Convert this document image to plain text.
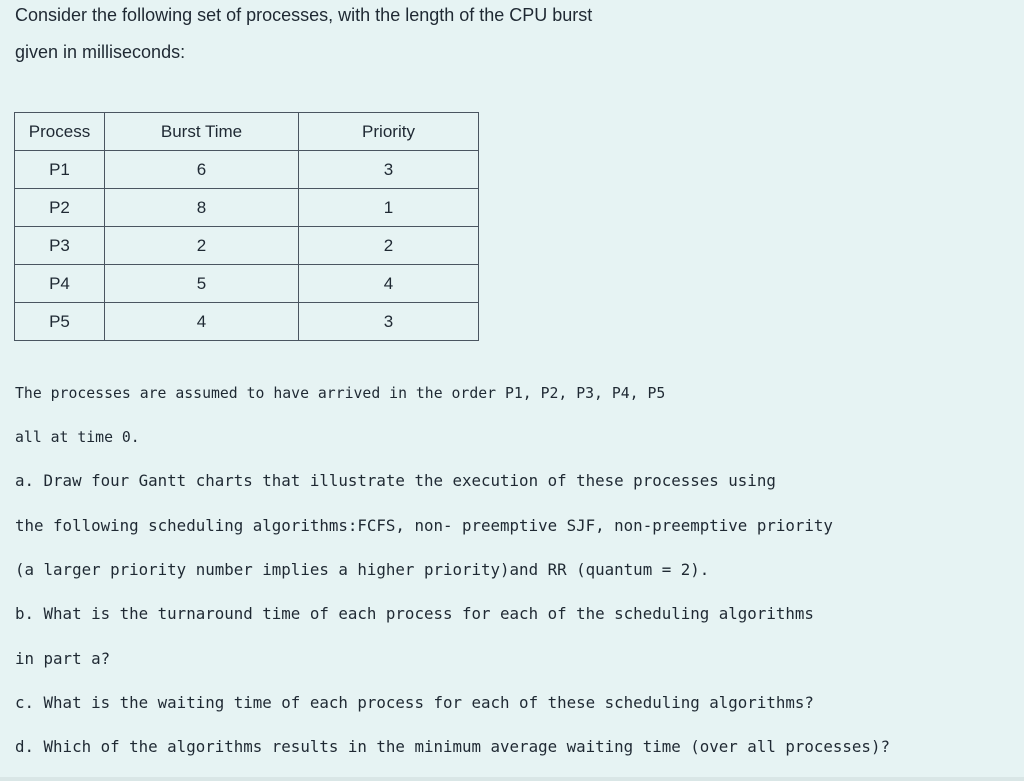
Consider the following set of processes, with the length of the CPU burst

given in milliseconds:

Process	Burst Time	Priority
P1	6	3
P2	8	1
P3	2	2
P4	5	4
P5	4	3

The processes are assumed to have arrived in the order P1, P2, P3, P4, P5

all at time 0.

a. Draw four Gantt charts that illustrate the execution of these processes using

the following scheduling algorithms:FCFS, non- preemptive SJF, non-preemptive priority

(a larger priority number implies a higher priority)and RR (quantum = 2).

b. What is the turnaround time of each process for each of the scheduling algorithms

in part a?

c. What is the waiting time of each process for each of these scheduling algorithms?

d. Which of the algorithms results in the minimum average waiting time (over all processes)?
